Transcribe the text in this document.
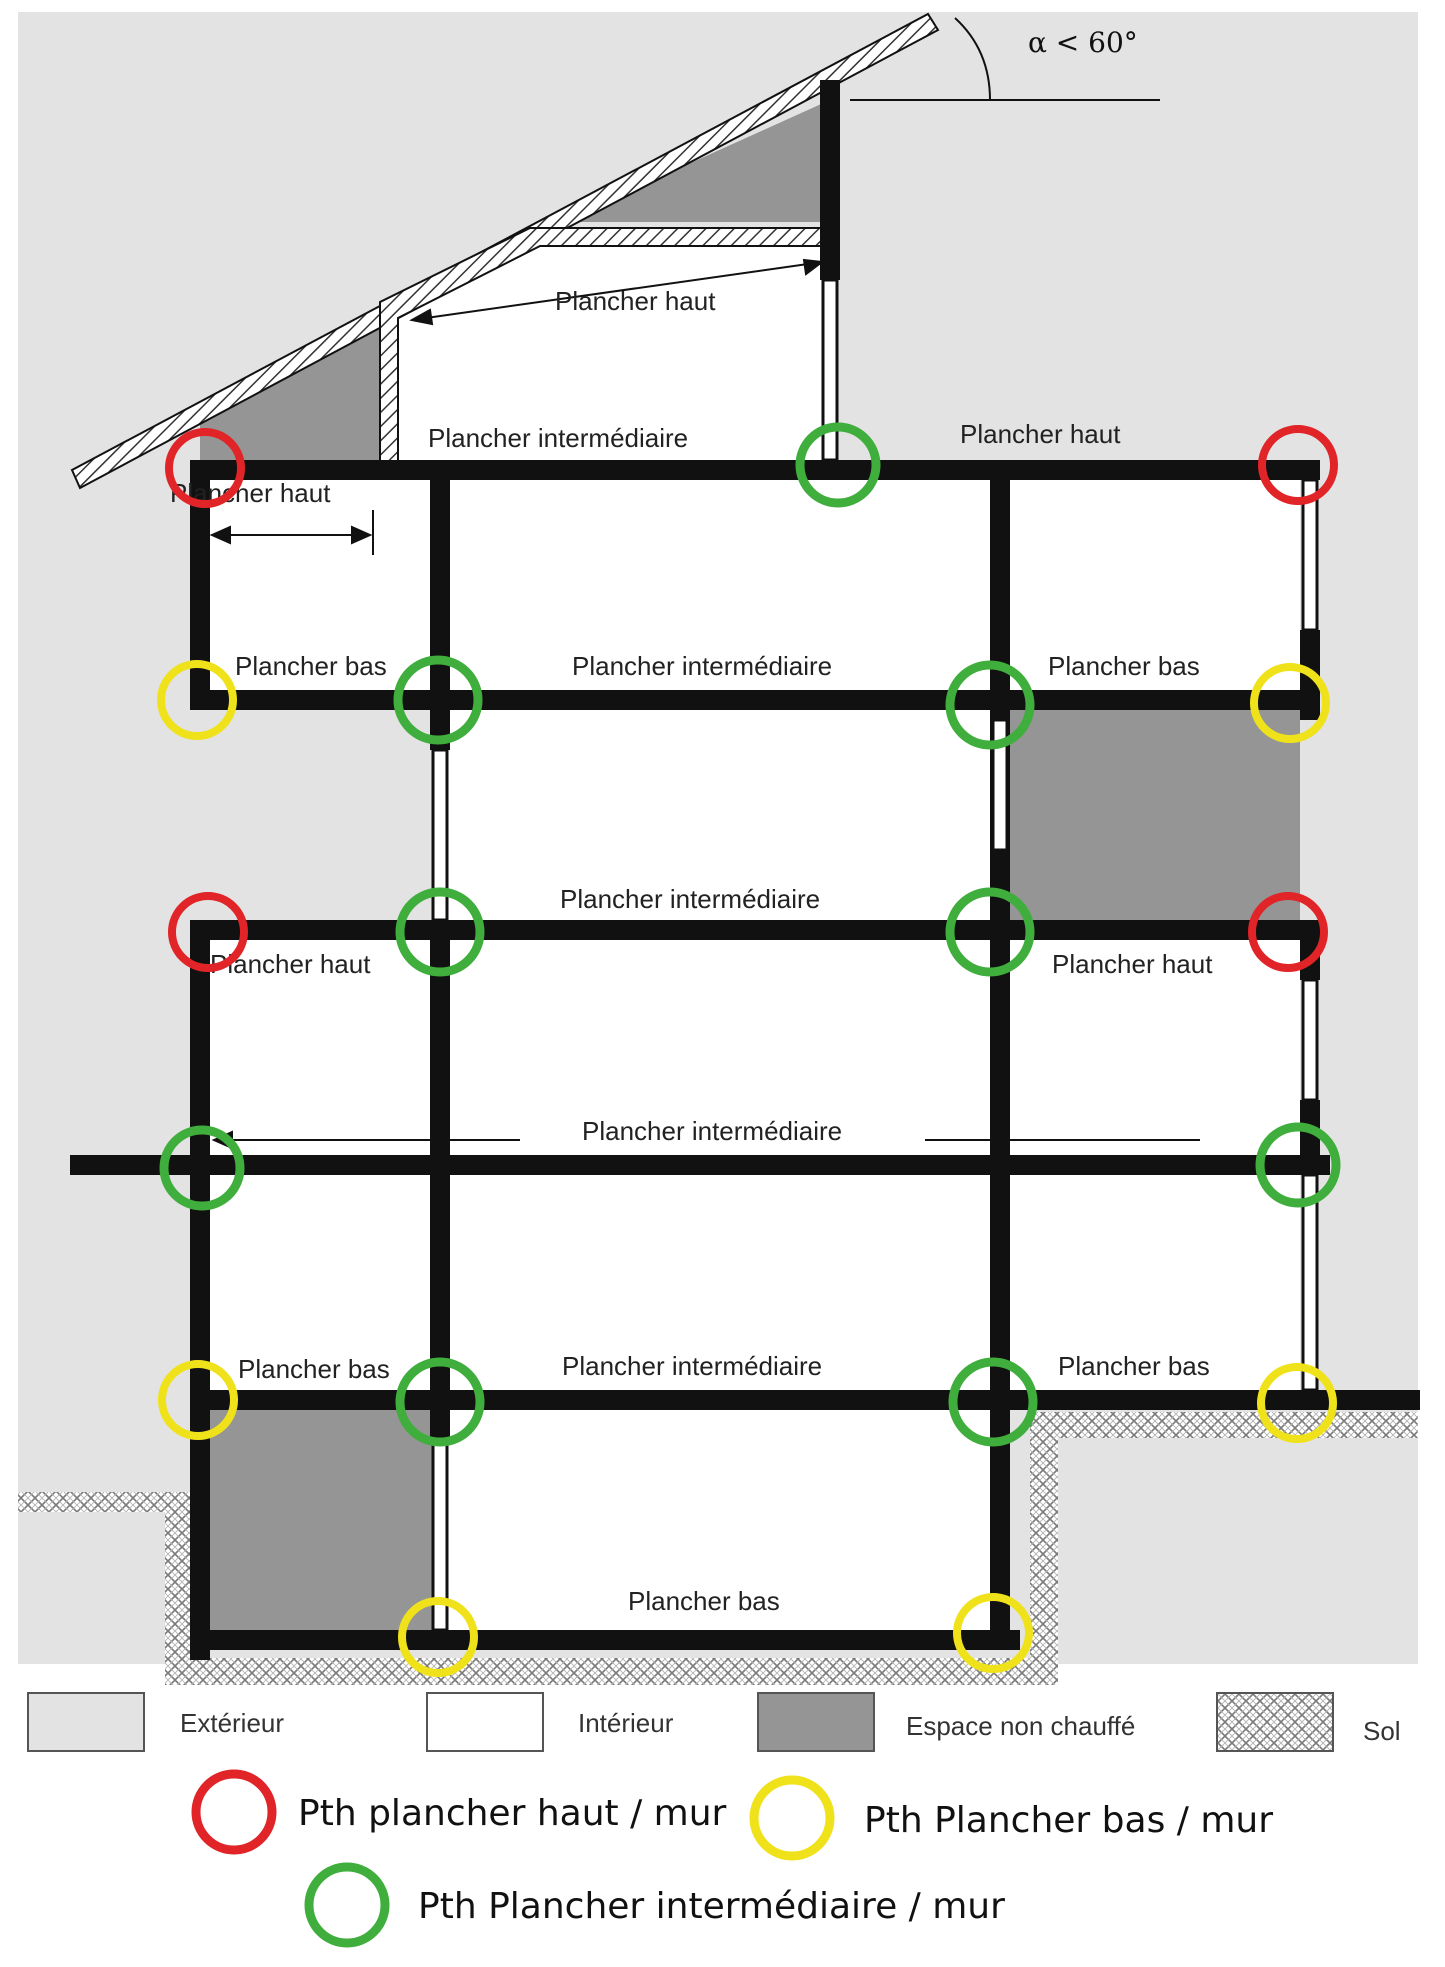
α < 60°
Plancher haut
Plancher intermédiaire	Plancher haut
Plancher haut
Plancher bas	Plancher intermédiaire	Plancher bas
Plancher intermédiaire
Plancher haut	Plancher haut
Plancher intermédiaire
Plancher bas	Plancher intermédiaire	Plancher bas
Plancher bas
Extérieur	Intérieur	Espace non chauffé	Sol
Pth plancher haut / mur	Pth Plancher bas / mur
Pth Plancher intermédiaire / mur
